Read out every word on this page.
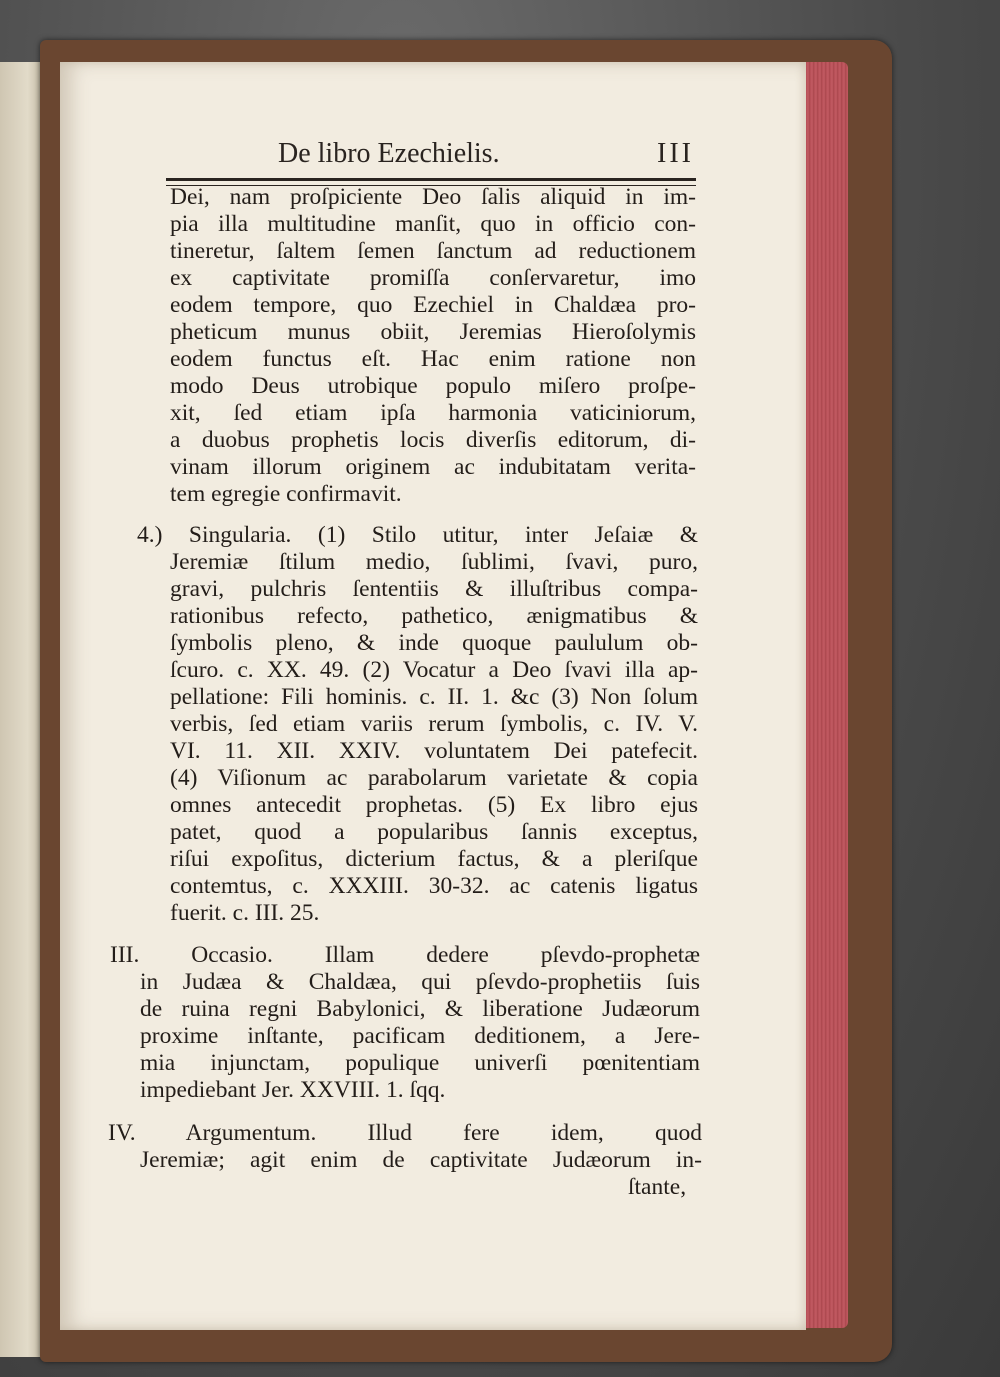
De libro Ezechielis.	III
Dei, nam proſpiciente Deo ſalis aliquid in im-
pia illa multitudine manſit, quo in officio con-
tineretur, ſaltem ſemen ſanctum ad reductionem
ex captivitate promiſſa conſervaretur, imo
eodem tempore, quo Ezechiel in Chaldæa pro-
pheticum munus obiit, Jeremias Hieroſolymis
eodem functus eſt. Hac enim ratione non
modo Deus utrobique populo miſero proſpe-
xit, ſed etiam ipſa harmonia vaticiniorum,
a duobus prophetis locis diverſis editorum, di-
vinam illorum originem ac indubitatam verita-
tem egregie confirmavit.
4.) Singularia. (1) Stilo utitur, inter Jeſaiæ &
Jeremiæ ſtilum medio, ſublimi, ſvavi, puro,
gravi, pulchris ſententiis & illuſtribus compa-
rationibus refecto, pathetico, ænigmatibus &
ſymbolis pleno, & inde quoque paululum ob-
ſcuro. c. XX. 49. (2) Vocatur a Deo ſvavi illa ap-
pellatione: Fili hominis. c. II. 1. &c (3) Non ſolum
verbis, ſed etiam variis rerum ſymbolis, c. IV. V.
VI. 11. XII. XXIV. voluntatem Dei patefecit.
(4) Viſionum ac parabolarum varietate & copia
omnes antecedit prophetas. (5) Ex libro ejus
patet, quod a popularibus ſannis exceptus,
riſui expoſitus, dicterium factus, & a pleriſque
contemtus, c. XXXIII. 30-32. ac catenis ligatus
fuerit. c. III. 25.
III. Occasio. Illam dedere pſevdo-prophetæ
in Judæa & Chaldæa, qui pſevdo-prophetiis ſuis
de ruina regni Babylonici, & liberatione Judæorum
proxime inſtante, pacificam deditionem, a Jere-
mia injunctam, populique univerſi pœnitentiam
impediebant Jer. XXVIII. 1. ſqq.
IV. Argumentum. Illud fere idem, quod
Jeremiæ; agit enim de captivitate Judæorum in-
ſtante,
